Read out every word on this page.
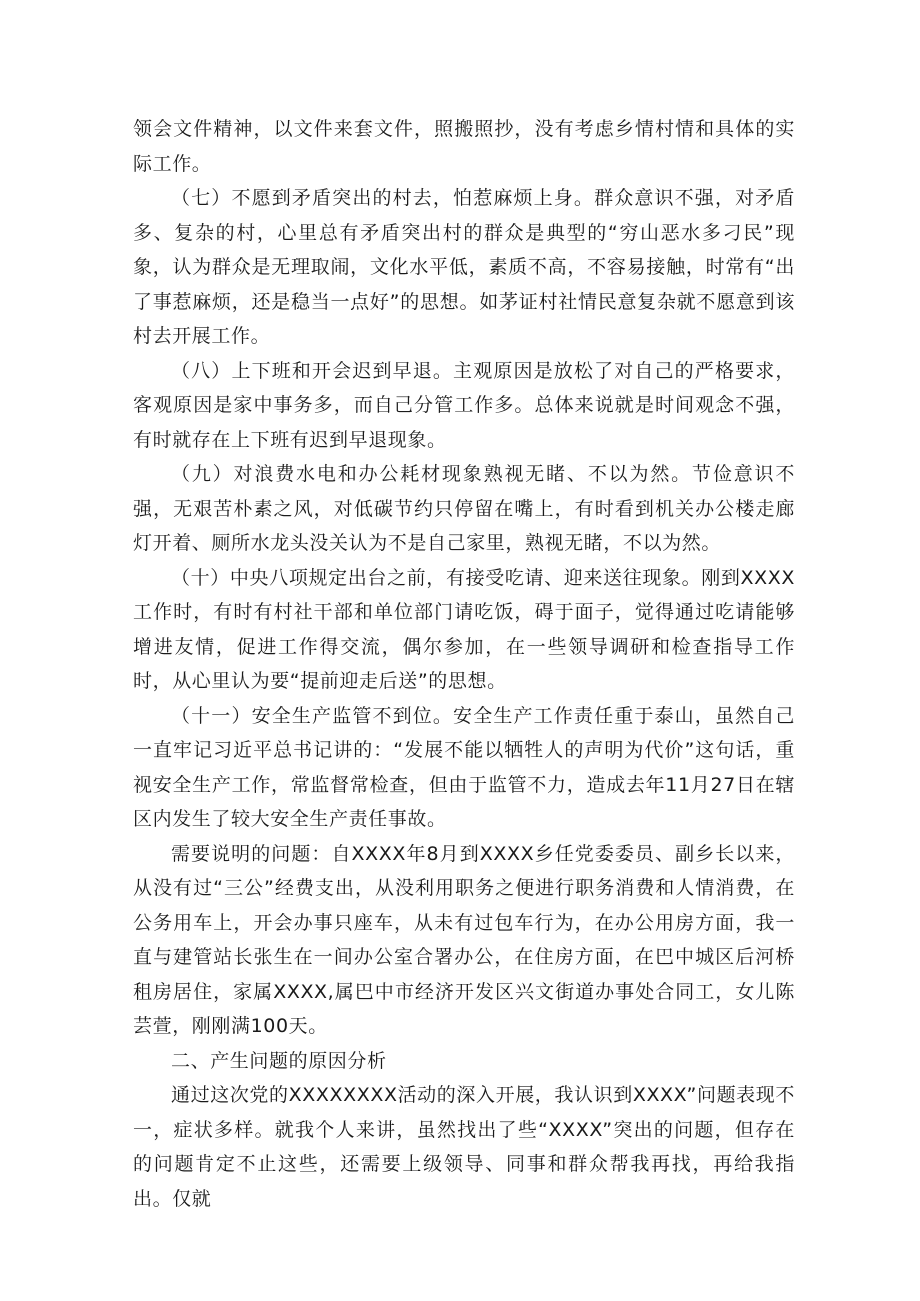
领会文件精神，以文件来套文件，照搬照抄，没有考虑乡情村情和具体的实际工作。

（七）不愿到矛盾突出的村去，怕惹麻烦上身。群众意识不强，对矛盾多、复杂的村，心里总有矛盾突出村的群众是典型的“穷山恶水多刁民”现象，认为群众是无理取闹，文化水平低，素质不高，不容易接触，时常有“出了事惹麻烦，还是稳当一点好”的思想。如茅证村社情民意复杂就不愿意到该村去开展工作。

（八）上下班和开会迟到早退。主观原因是放松了对自己的严格要求，客观原因是家中事务多，而自己分管工作多。总体来说就是时间观念不强，有时就存在上下班有迟到早退现象。

（九）对浪费水电和办公耗材现象熟视无睹、不以为然。节俭意识不强，无艰苦朴素之风，对低碳节约只停留在嘴上，有时看到机关办公楼走廊灯开着、厕所水龙头没关认为不是自己家里，熟视无睹，不以为然。

（十）中央八项规定出台之前，有接受吃请、迎来送往现象。刚到XXXX工作时，有时有村社干部和单位部门请吃饭，碍于面子，觉得通过吃请能够增进友情，促进工作得交流，偶尔参加，在一些领导调研和检查指导工作时，从心里认为要“提前迎走后送”的思想。

（十一）安全生产监管不到位。安全生产工作责任重于泰山，虽然自己一直牢记习近平总书记讲的：“发展不能以牺牲人的声明为代价”这句话，重视安全生产工作，常监督常检查，但由于监管不力，造成去年11月27日在辖区内发生了较大安全生产责任事故。

需要说明的问题：自XXXX年8月到XXXX乡任党委委员、副乡长以来，从没有过“三公”经费支出，从没利用职务之便进行职务消费和人情消费，在公务用车上，开会办事只座车，从未有过包车行为，在办公用房方面，我一直与建管站长张生在一间办公室合署办公，在住房方面，在巴中城区后河桥租房居住，家属XXXX,属巴中市经济开发区兴文街道办事处合同工，女儿陈芸萱，刚刚满100天。

二、产生问题的原因分析

通过这次党的XXXXXXXX活动的深入开展，我认识到XXXX”问题表现不一，症状多样。就我个人来讲，虽然找出了些“XXXX”突出的问题，但存在的问题肯定不止这些，还需要上级领导、同事和群众帮我再找，再给我指出。仅就
